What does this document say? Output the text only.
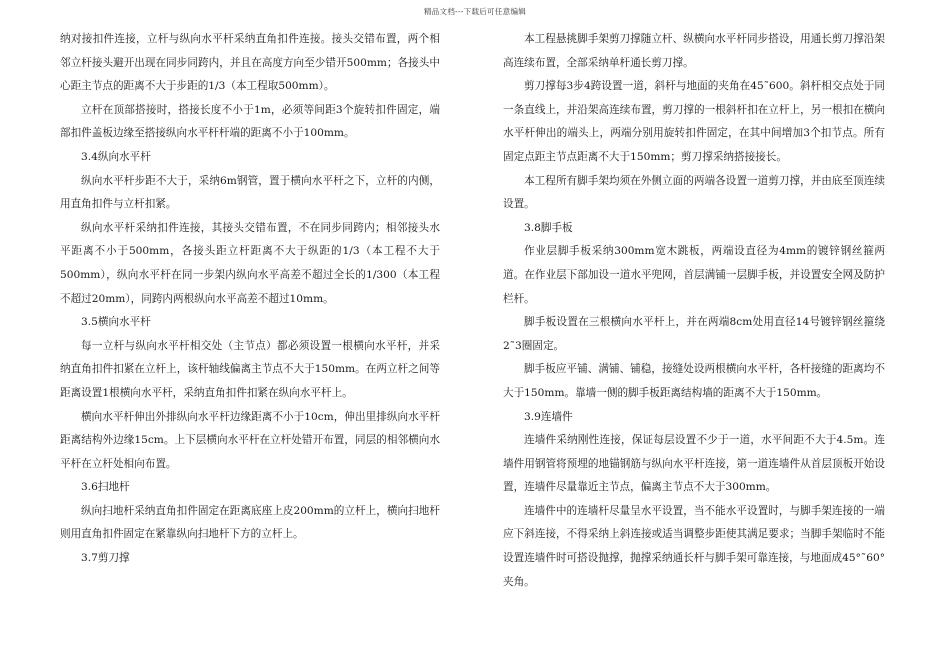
精品文档---下载后可任意编辑

纳对接扣件连接，立杆与纵向水平杆采纳直角扣件连接。接头交错布置，两个相邻立杆接头避开出现在同步同跨内，并且在高度方向至少错开500mm；各接头中心距主节点的距离不大于步距的1/3（本工程取500mm）。

立杆在顶部搭接时，搭接长度不小于1m，必须等间距3个旋转扣件固定，端部扣件盖板边缘至搭接纵向水平杆杆端的距离不小于100mm。

3.4纵向水平杆

纵向水平杆步距不大于，采纳6m钢管，置于横向水平杆之下，立杆的内侧，用直角扣件与立杆扣紧。

纵向水平杆采纳扣件连接，其接头交错布置，不在同步同跨内；相邻接头水平距离不小于500mm，各接头距立杆距离不大于纵距的1/3（本工程不大于500mm），纵向水平杆在同一步架内纵向水平高差不超过全长的1/300（本工程不超过20mm），同跨内两根纵向水平高差不超过10mm。

3.5横向水平杆

每一立杆与纵向水平杆相交处（主节点）都必须设置一根横向水平杆，并采纳直角扣件扣紧在立杆上，该杆轴线偏离主节点不大于150mm。在两立杆之间等距离设置1根横向水平杆，采纳直角扣件扣紧在纵向水平杆上。

横向水平杆伸出外排纵向水平杆边缘距离不小于10cm，伸出里排纵向水平杆距离结构外边缘15cm。上下层横向水平杆在立杆处错开布置，同层的相邻横向水平杆在立杆处相向布置。

3.6扫地杆

纵向扫地杆采纳直角扣件固定在距离底座上皮200mm的立杆上，横向扫地杆则用直角扣件固定在紧靠纵向扫地杆下方的立杆上。

3.7剪刀撑

本工程悬挑脚手架剪刀撑随立杆、纵横向水平杆同步搭设，用通长剪刀撑沿架高连续布置，全部采纳单杆通长剪刀撑。

剪刀撑每3步4跨设置一道，斜杆与地面的夹角在45˜600。斜杆相交点处于同一条直线上，并沿架高连续布置，剪刀撑的一根斜杆扣在立杆上，另一根扣在横向水平杆伸出的端头上，两端分别用旋转扣件固定，在其中间增加3个扣节点。所有固定点距主节点距离不大于150mm；剪刀撑采纳搭接接长。

本工程所有脚手架均须在外侧立面的两端各设置一道剪刀撑，并由底至顶连续设置。

3.8脚手板

作业层脚手板采纳300mm宽木跳板，两端设直径为4mm的镀锌钢丝箍两道。在作业层下部加设一道水平兜网，首层满铺一层脚手板，并设置安全网及防护栏杆。

脚手板设置在三根横向水平杆上，并在两端8cm处用直径14号镀锌钢丝箍绕2˜3圈固定。

脚手板应平铺、满铺、铺稳，接缝处设两根横向水平杆，各杆接缝的距离均不大于150mm。靠墙一侧的脚手板距离结构墙的距离不大于150mm。

3.9连墙件

连墙件采纳刚性连接，保证每层设置不少于一道，水平间距不大于4.5m。连墙件用钢管将预埋的地锚钢筋与纵向水平杆连接，第一道连墙件从首层顶板开始设置，连墙件尽量靠近主节点，偏离主节点不大于300mm。

连墙件中的连墙杆尽量呈水平设置，当不能水平设置时，与脚手架连接的一端应下斜连接，不得采纳上斜连接或适当调整步距使其满足要求；当脚手架临时不能设置连墙件时可搭设抛撑，抛撑采纳通长杆与脚手架可靠连接，与地面成45°˜60°夹角。
